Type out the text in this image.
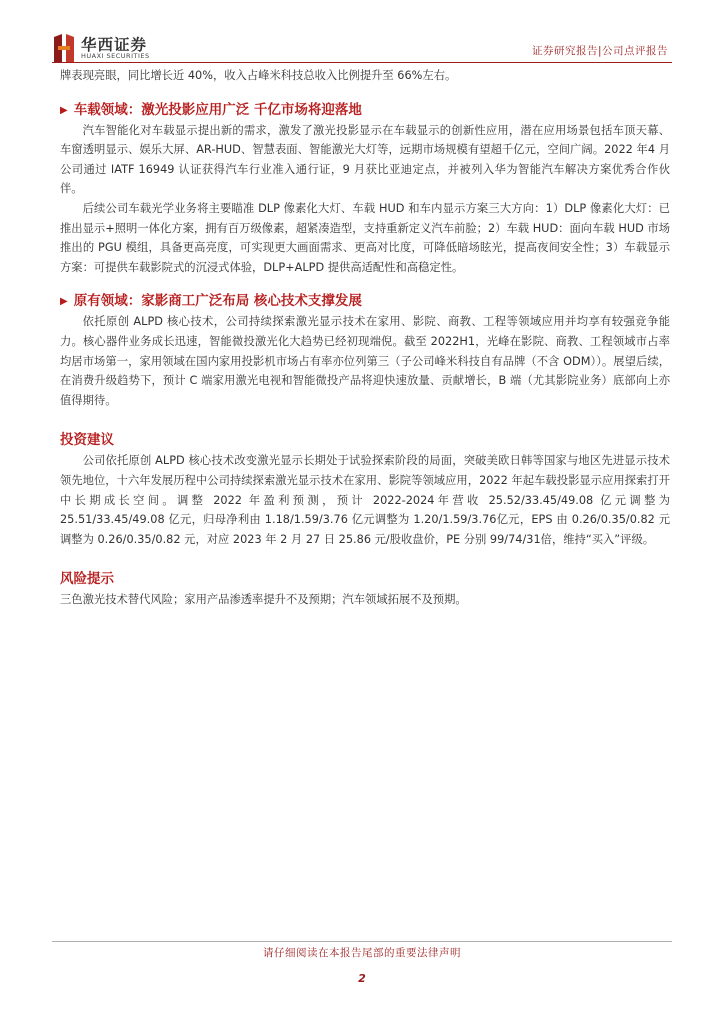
华西证券
HUAXI SECURITIES	证券研究报告|公司点评报告

牌表现亮眼，同比增长近 40%，收入占峰米科技总收入比例提升至 66%左右。

▶ 车载领域：激光投影应用广泛 千亿市场将迎落地

汽车智能化对车载显示提出新的需求，激发了激光投影显示在车载显示的创新性应用，潜在应用场景包括车顶天幕、车窗透明显示、娱乐大屏、AR-HUD、智慧表面、智能激光大灯等，远期市场规模有望超千亿元，空间广阔。2022 年4 月公司通过 IATF 16949 认证获得汽车行业准入通行证，9 月获比亚迪定点，并被列入华为智能汽车解决方案优秀合作伙伴。

后续公司车载光学业务将主要瞄准 DLP 像素化大灯、车载 HUD 和车内显示方案三大方向：1）DLP 像素化大灯：已推出显示+照明一体化方案，拥有百万级像素，超紧凑造型，支持重新定义汽车前脸；2）车载 HUD：面向车载 HUD 市场推出的 PGU 模组，具备更高亮度，可实现更大画面需求、更高对比度，可降低暗场眩光，提高夜间安全性；3）车载显示方案：可提供车载影院式的沉浸式体验，DLP+ALPD 提供高适配性和高稳定性。

▶ 原有领域：家影商工广泛布局 核心技术支撑发展

依托原创 ALPD 核心技术，公司持续探索激光显示技术在家用、影院、商教、工程等领域应用并均享有较强竞争能力。核心器件业务成长迅速，智能微投激光化大趋势已经初现端倪。截至 2022H1，光峰在影院、商教、工程领域市占率均居市场第一，家用领域在国内家用投影机市场占有率亦位列第三（子公司峰米科技自有品牌（不含 ODM））。展望后续，在消费升级趋势下，预计 C 端家用激光电视和智能微投产品将迎快速放量、贡献增长，B 端（尤其影院业务）底部向上亦值得期待。

投资建议

公司依托原创 ALPD 核心技术改变激光显示长期处于试验探索阶段的局面，突破美欧日韩等国家与地区先进显示技术领先地位，十六年发展历程中公司持续探索激光显示技术在家用、影院等领域应用，2022 年起车载投影显示应用探索打开中长期成长空间。调整 2022 年盈利预测，预计 2022-2024年营收 25.52/33.45/49.08 亿元调整为 25.51/33.45/49.08 亿元，归母净利由 1.18/1.59/3.76 亿元调整为 1.20/1.59/3.76亿元，EPS 由 0.26/0.35/0.82 元调整为 0.26/0.35/0.82 元，对应 2023 年 2 月 27 日 25.86 元/股收盘价，PE 分别 99/74/31倍，维持“买入”评级。

风险提示

三色激光技术替代风险；家用产品渗透率提升不及预期；汽车领域拓展不及预期。

请仔细阅读在本报告尾部的重要法律声明
2
